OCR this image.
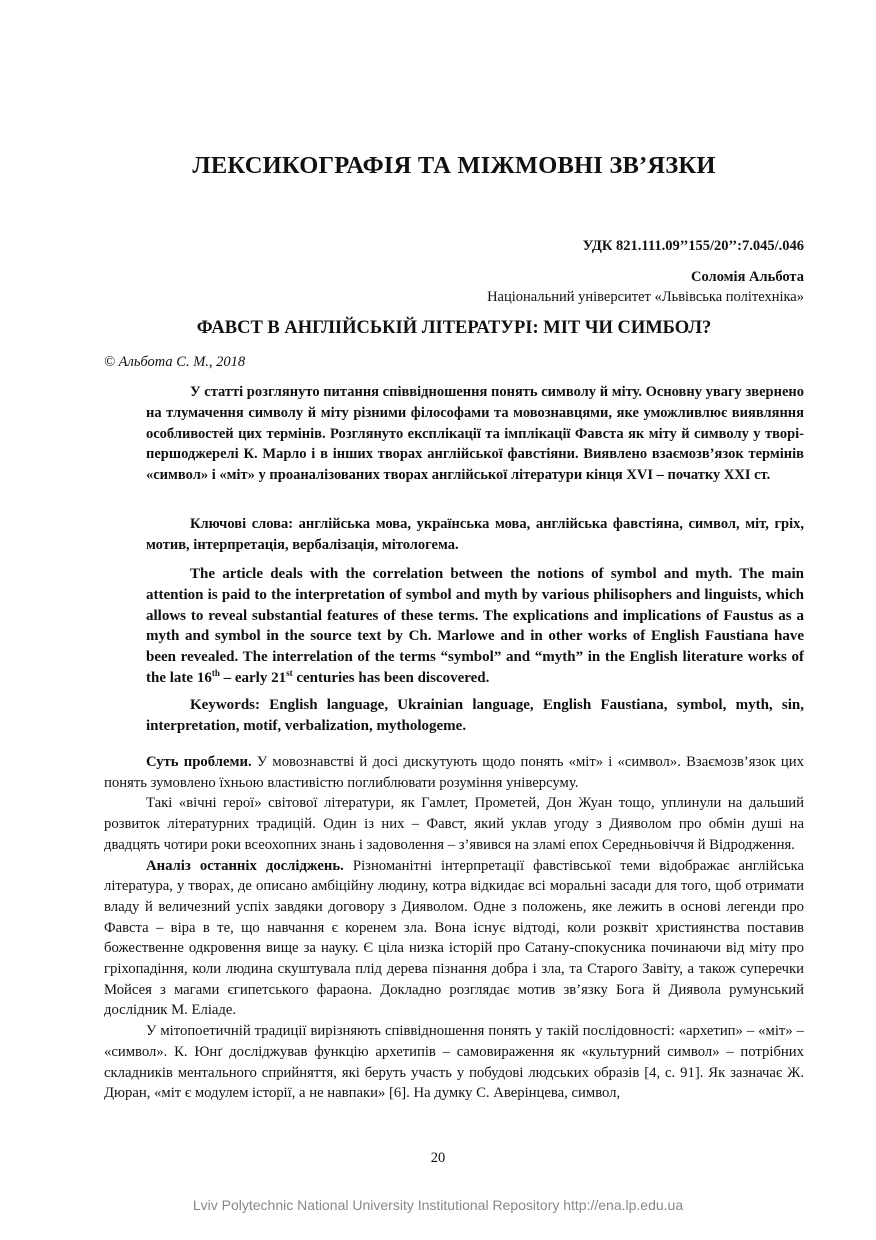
ЛЕКСИКОГРАФІЯ ТА МІЖМОВНІ ЗВ’ЯЗКИ
УДК 821.111.09’’155/20’’:7.045/.046
Соломія Альбота
Національний університет «Львівська політехніка»
ФАВСТ В АНГЛІЙСЬКІЙ ЛІТЕРАТУРІ: МІТ ЧИ СИМБОЛ?
© Альбота С. М., 2018
У статті розглянуто питання співвідношення понять символу й міту. Основну увагу звернено на тлумачення символу й міту різними філософами та мовознавцями, яке уможливлює виявляння особливостей цих термінів. Розглянуто експлікації та імплікації Фавста як міту й символу у творі-першоджерелі К. Марло і в інших творах англійської фавстіяни. Виявлено взаємозв’язок термінів «символ» і «міт» у проаналізованих творах англійської літератури кінця XVI – початку XXI ст.
Ключові слова: англійська мова, українська мова, англійська фавстіяна, символ, міт, гріх, мотив, інтерпретація, вербалізація, мітологема.
The article deals with the correlation between the notions of symbol and myth. The main attention is paid to the interpretation of symbol and myth by various philisophers and linguists, which allows to reveal substantial features of these terms. The explications and implications of Faustus as a myth and symbol in the source text by Ch. Marlowe and in other works of English Faustiana have been revealed. The interrelation of the terms “symbol” and “myth” in the English literature works of the late 16th – early 21st centuries has been discovered.
Keywords: English language, Ukrainian language, English Faustiana, symbol, myth, sin, interpretation, motif, verbalization, mythologeme.

Суть проблеми. У мовознавстві й досі дискутують щодо понять «міт» і «символ». Взаємозв’язок цих понять зумовлено їхньою властивістю поглиблювати розуміння універсуму.

Такі «вічні герої» світової літератури, як Гамлет, Прометей, Дон Жуан тощо, уплинули на дальший розвиток літературних традицій. Один із них – Фавст, який уклав угоду з Дияволом про обмін душі на двадцять чотири роки всеохопних знань і задоволення – з’явився на зламі епох Середньовіччя й Відродження.

Аналіз останніх досліджень. Різноманітні інтерпретації фавстівської теми відображає англійська література, у творах, де описано амбіційну людину, котра відкидає всі моральні засади для того, щоб отримати владу й величезний успіх завдяки договору з Дияволом. Одне з положень, яке лежить в основі легенди про Фавста – віра в те, що навчання є коренем зла. Вона існує відтоді, коли розквіт християнства поставив божественне одкровення вище за науку. Є ціла низка історій про Сатану-спокусника починаючи від міту про гріхопадіння, коли людина скуштувала плід дерева пізнання добра і зла, та Старого Завіту, а також суперечки Мойсея з магами єгипетського фараона. Докладно розглядає мотив зв’язку Бога й Диявола румунський дослідник М. Еліаде.

У мітопоетичній традиції вирізняють співвідношення понять у такій послідовності: «архетип» – «міт» – «символ». К. Юнґ досліджував функцію архетипів – самовираження як «культурний символ» – потрібних складників ментального сприйняття, які беруть участь у побудові людських образів [4, с. 91]. Як зазначає Ж. Дюран, «міт є модулем історії, а не навпаки» [6]. На думку С. Аверінцева, символ,

20
Lviv Polytechnic National University Institutional Repository http://ena.lp.edu.ua
